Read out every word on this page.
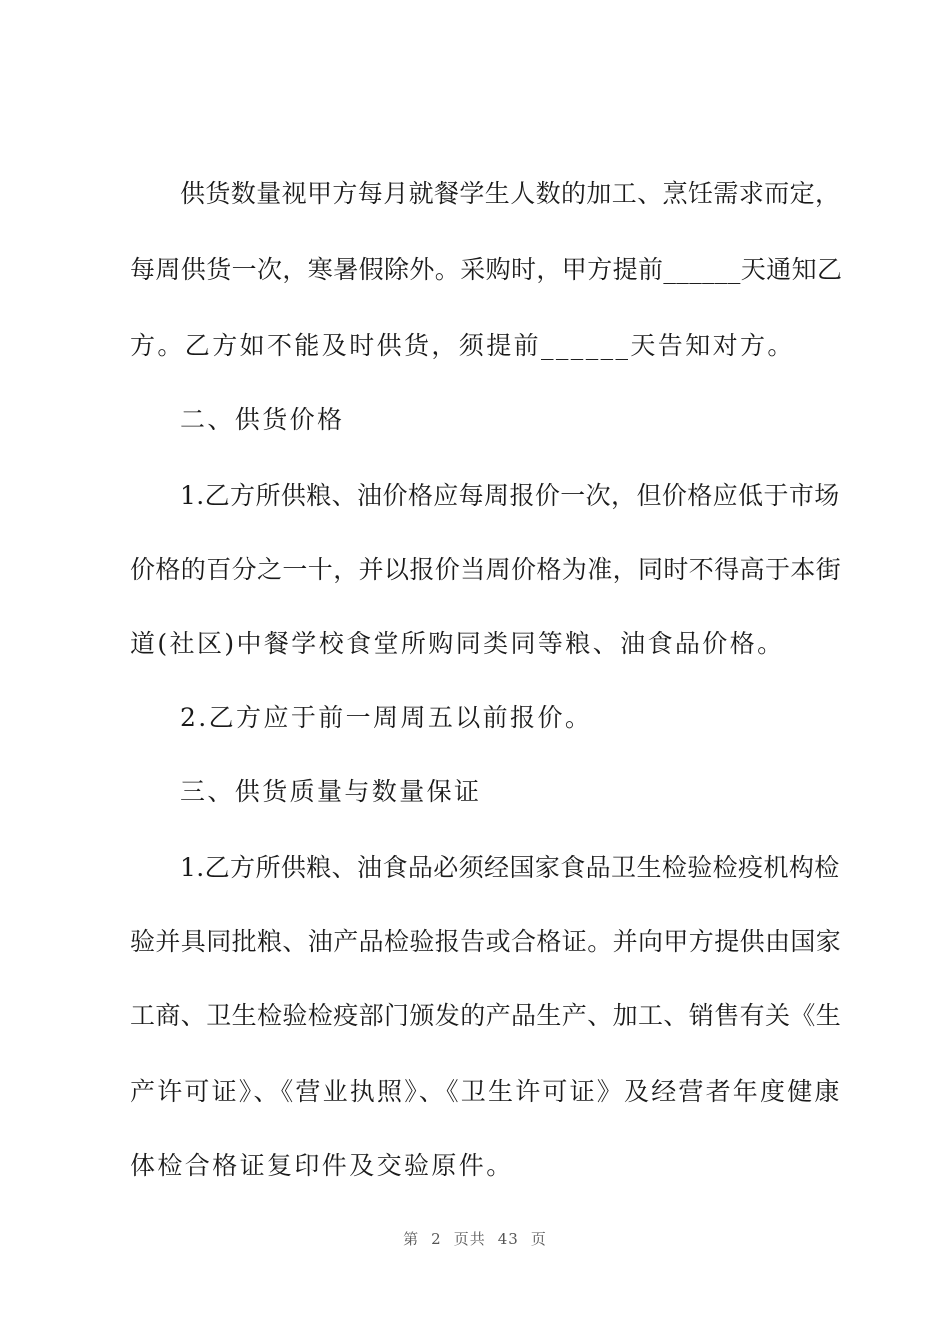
供货数量视甲方每月就餐学生人数的加工、烹饪需求而定，
每周供货一次，寒暑假除外。采购时，甲方提前______天通知乙
方。乙方如不能及时供货，须提前______天告知对方。
二、供货价格
1.乙方所供粮、油价格应每周报价一次，但价格应低于市场
价格的百分之一十，并以报价当周价格为准，同时不得高于本街
道(社区)中餐学校食堂所购同类同等粮、油食品价格。
2.乙方应于前一周周五以前报价。
三、供货质量与数量保证
1.乙方所供粮、油食品必须经国家食品卫生检验检疫机构检
验并具同批粮、油产品检验报告或合格证。并向甲方提供由国家
工商、卫生检验检疫部门颁发的产品生产、加工、销售有关《生
产许可证》、《营业执照》、《卫生许可证》及经营者年度健康
体检合格证复印件及交验原件。
第 2 页共 43 页
